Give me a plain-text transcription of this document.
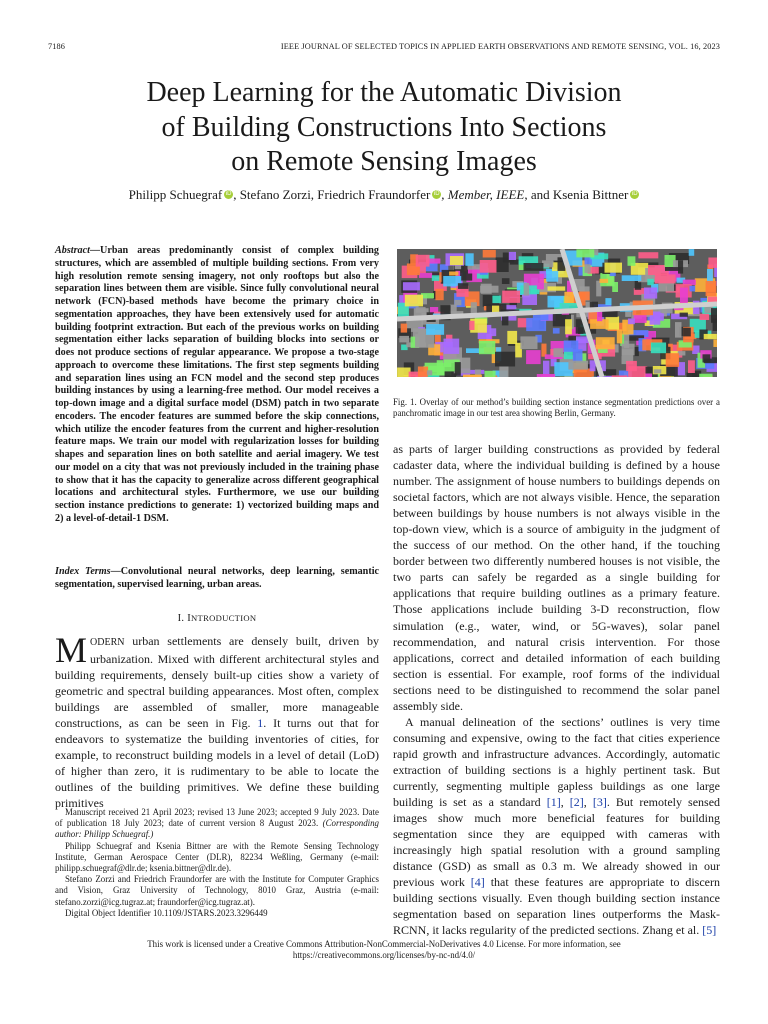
7186	IEEE JOURNAL OF SELECTED TOPICS IN APPLIED EARTH OBSERVATIONS AND REMOTE SENSING, VOL. 16, 2023
Deep Learning for the Automatic Division
of Building Constructions Into Sections
on Remote Sensing Images
Philipp Schuegraf iD , Stefano Zorzi, Friedrich Fraundorfer iD , Member, IEEE, and Ksenia Bittner iD
Abstract—Urban areas predominantly consist of complex building structures, which are assembled of multiple building sections. From very high resolution remote sensing imagery, not only rooftops but also the separation lines between them are visible. Since fully convolutional neural network (FCN)-based methods have become the primary choice in segmentation approaches, they have been extensively used for automatic building footprint extraction. But each of the previous works on building segmentation either lacks separation of building blocks into sections or does not produce sections of regular appearance. We propose a two-stage approach to overcome these limitations. The first step segments building and separation lines using an FCN model and the second step produces building instances by using a learning-free method. Our model receives a top-down image and a digital surface model (DSM) patch in two separate encoders. The encoder features are summed before the skip connections, which utilize the encoder features from the current and higher-resolution feature maps. We train our model with regularization losses for building shapes and separation lines on both satellite and aerial imagery. We test our model on a city that was not previously included in the training phase to show that it has the capacity to generalize across different geographical locations and architectural styles. Furthermore, we use our building section instance predictions to generate: 1) vectorized building maps and 2) a level-of-detail-1 DSM.
Index Terms—Convolutional neural networks, deep learning, semantic segmentation, supervised learning, urban areas.
I. INTRODUCTION
MODERN urban settlements are densely built, driven by urbanization. Mixed with different architectural styles and building requirements, densely built-up cities show a variety of geometric and spectral building appearances. Most often, complex buildings are assembled of smaller, more manageable constructions, as can be seen in Fig. 1. It turns out that for endeavors to systematize the building inventories of cities, for example, to reconstruct building models in a level of detail (LoD) of higher than zero, it is rudimentary to be able to locate the outlines of the building primitives. We define these building primitives

Manuscript received 21 April 2023; revised 13 June 2023; accepted 9 July 2023. Date of publication 18 July 2023; date of current version 8 August 2023. (Corresponding author: Philipp Schuegraf.)

Philipp Schuegraf and Ksenia Bittner are with the Remote Sensing Technology Institute, German Aerospace Center (DLR), 82234 Weßling, Germany (e-mail: philipp.schuegraf@dlr.de; ksenia.bittner@dlr.de).

Stefano Zorzi and Friedrich Fraundorfer are with the Institute for Computer Graphics and Vision, Graz University of Technology, 8010 Graz, Austria (e-mail: stefano.zorzi@icg.tugraz.at; fraundorfer@icg.tugraz.at).

Digital Object Identifier 10.1109/JSTARS.2023.3296449

Fig. 1. Overlay of our method’s building section instance segmentation predictions over a panchromatic image in our test area showing Berlin, Germany.

as parts of larger building constructions as provided by federal cadaster data, where the individual building is defined by a house number. The assignment of house numbers to buildings depends on societal factors, which are not always visible. Hence, the separation between buildings by house numbers is not always visible in the top-down view, which is a source of ambiguity in the judgment of the success of our method. On the other hand, if the touching border between two differently numbered houses is not visible, the two parts can safely be regarded as a single building for applications that require building outlines as a primary feature. Those applications include building 3-D reconstruction, flow simulation (e.g., water, wind, or 5G-waves), solar panel recommendation, and natural crisis intervention. For those applications, correct and detailed information of each building section is essential. For example, roof forms of the individual sections need to be distinguished to recommend the solar panel assembly side.

A manual delineation of the sections’ outlines is very time consuming and expensive, owing to the fact that cities experience rapid growth and infrastructure advances. Accordingly, automatic extraction of building sections is a highly pertinent task. But currently, segmenting multiple gapless buildings as one large building is set as a standard [1], [2], [3]. But remotely sensed images show much more beneficial features for building segmentation since they are equipped with cameras with increasingly high spatial resolution with a ground sampling distance (GSD) as small as 0.3 m. We already showed in our previous work [4] that these features are appropriate to discern building sections visually. Even though building section instance segmentation based on separation lines outperforms the Mask-RCNN, it lacks regularity of the predicted sections. Zhang et al. [5]

This work is licensed under a Creative Commons Attribution-NonCommercial-NoDerivatives 4.0 License. For more information, see
https://creativecommons.org/licenses/by-nc-nd/4.0/
